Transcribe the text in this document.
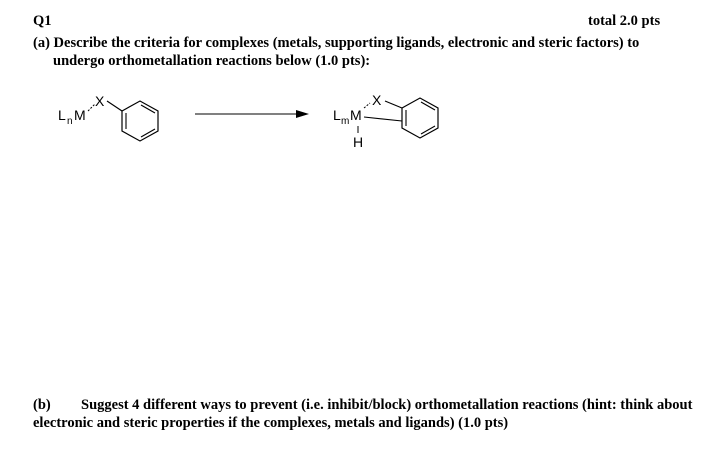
Q1	total 2.0 pts
(a) Describe the criteria for complexes (metals, supporting ligands, electronic and steric factors) to
undergo orthometallation reactions below (1.0 pts):
L n M
X
L m M
X
H
(b) Suggest 4 different ways to prevent (i.e. inhibit/block) orthometallation reactions (hint: think about
electronic and steric properties if the complexes, metals and ligands) (1.0 pts)
